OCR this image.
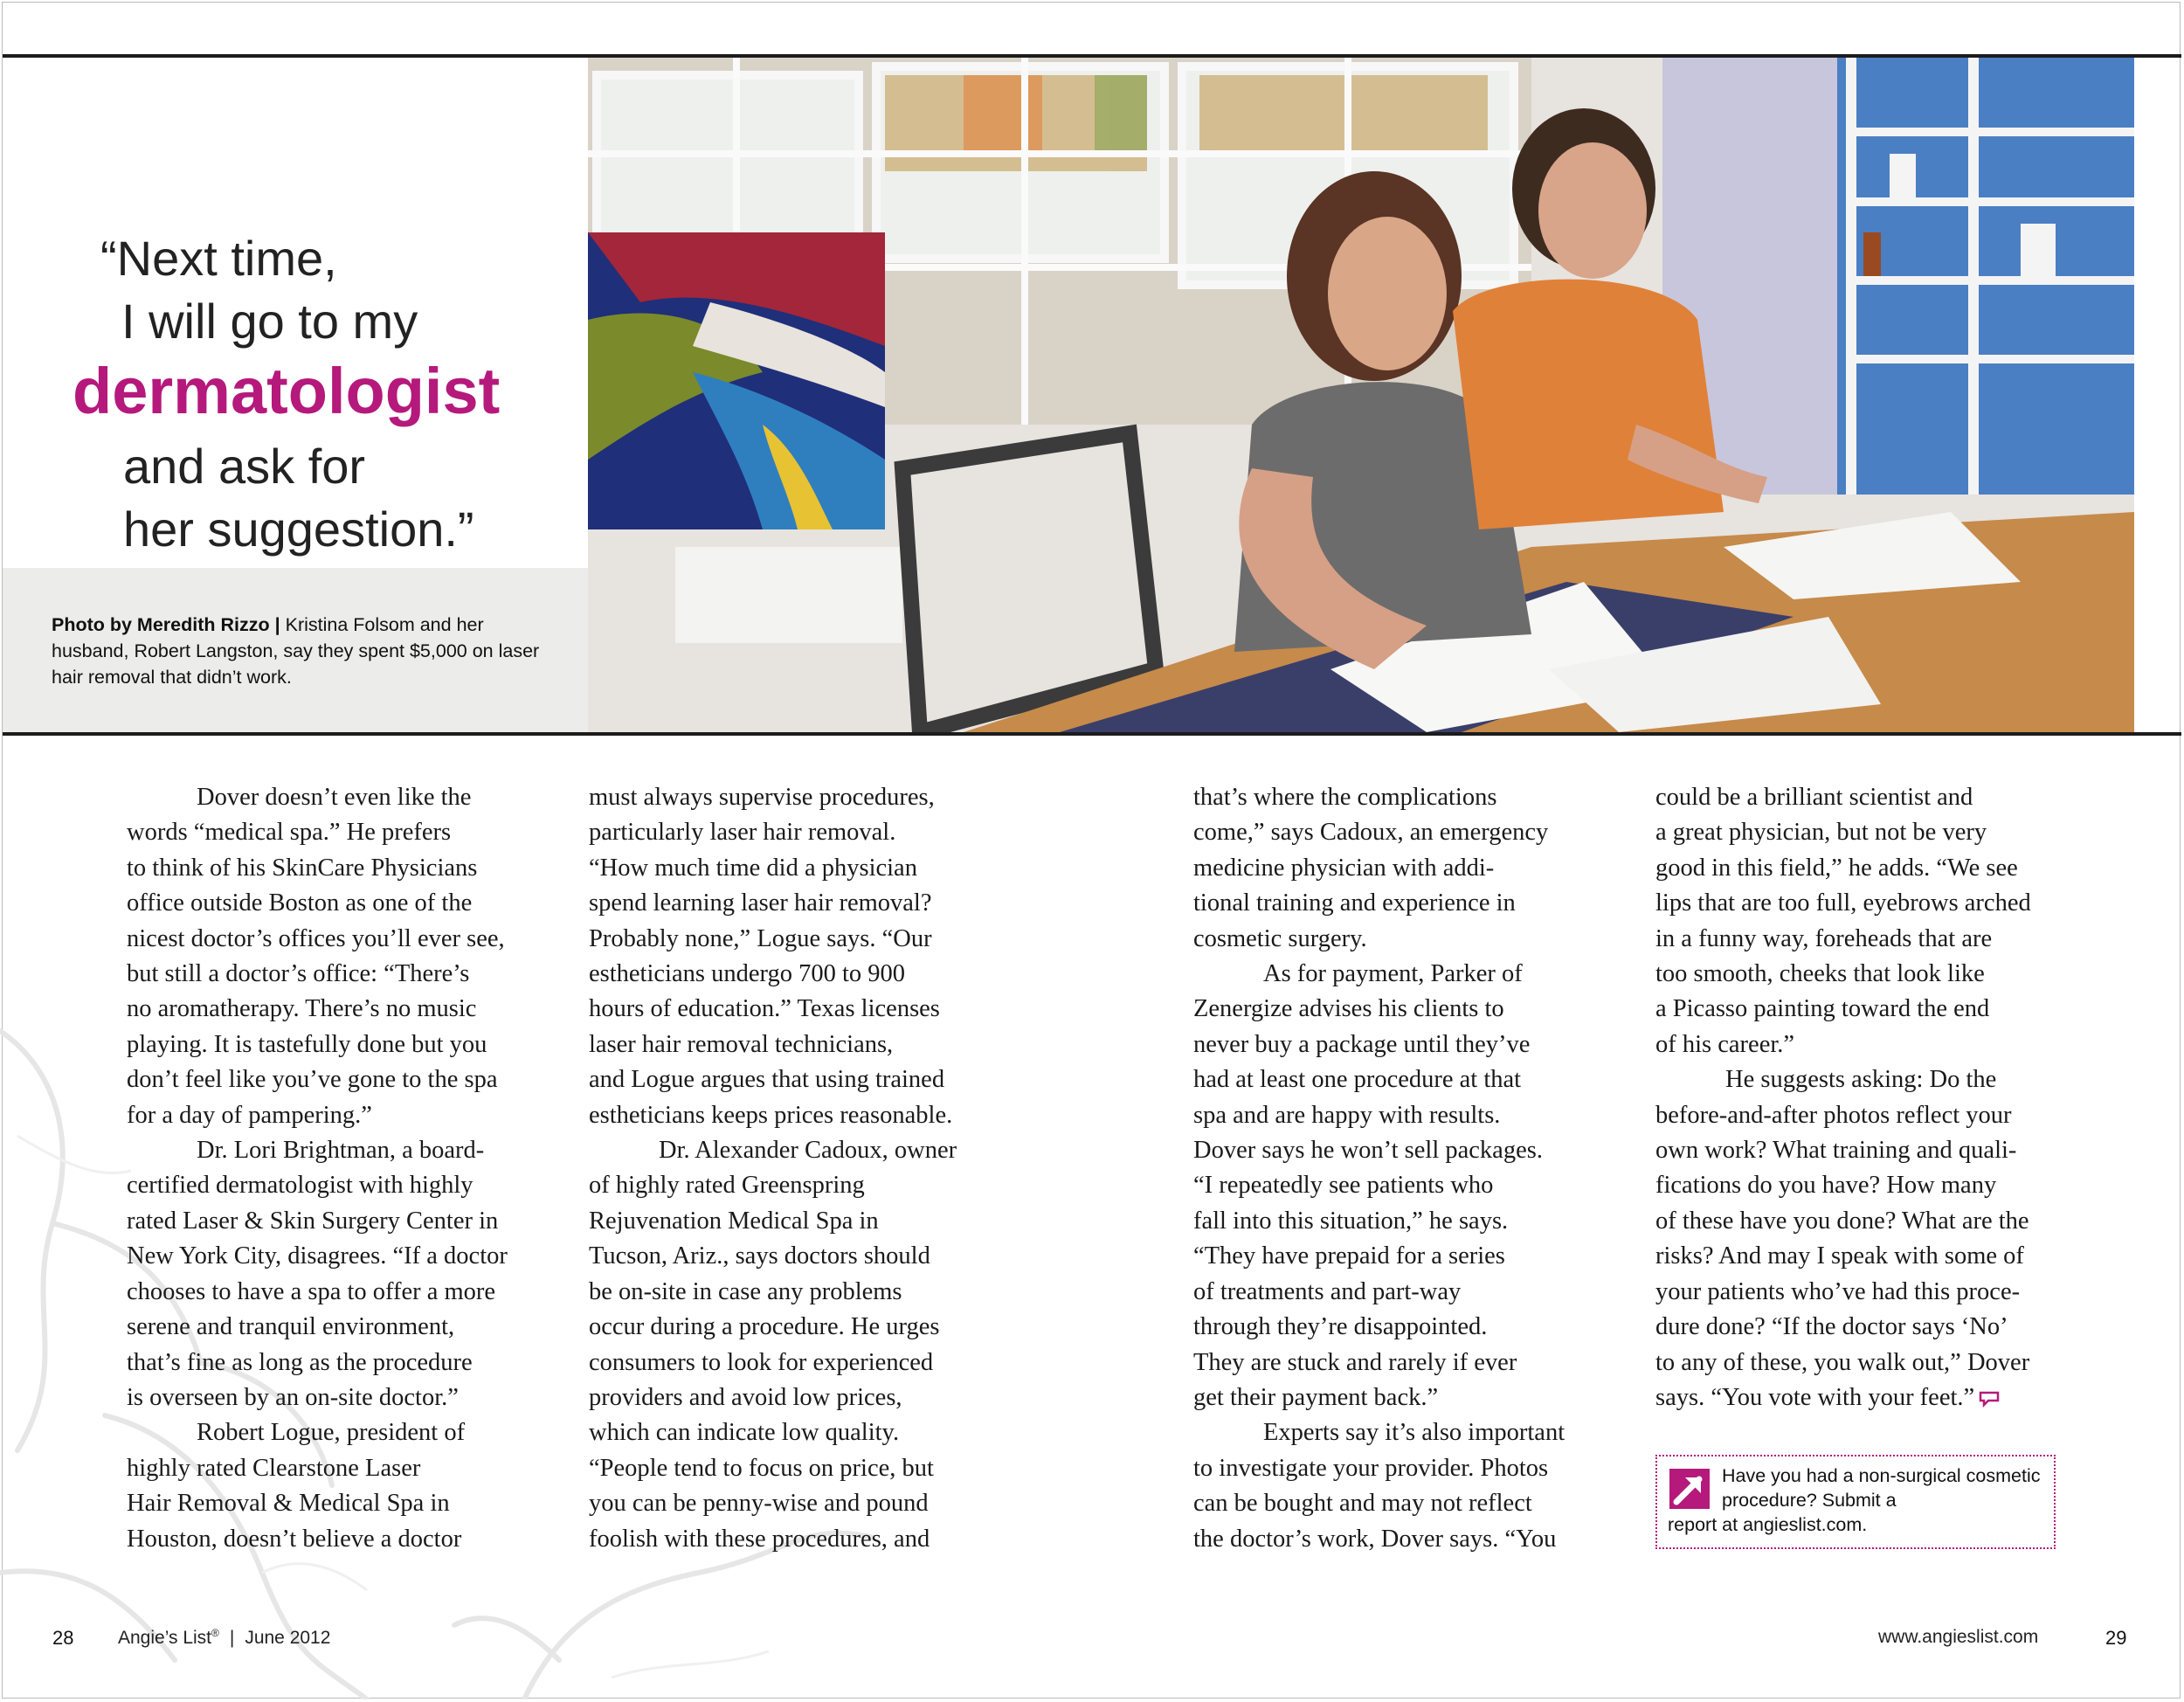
“Next time,
I will go to my
dermatologist
and ask for
her suggestion.”
Photo by Meredith Rizzo | Kristina Folsom and her husband, Robert Langston, say they spent $5,000 on laser hair removal that didn’t work.
Dover doesn’t even like the
words “medical spa.” He prefers
to think of his SkinCare Physicians
office outside Boston as one of the
nicest doctor’s offices you’ll ever see,
but still a doctor’s office: “There’s
no aromatherapy. There’s no music
playing. It is tastefully done but you
don’t feel like you’ve gone to the spa
for a day of pampering.”
Dr. Lori Brightman, a board-
certified dermatologist with highly
rated Laser & Skin Surgery Center in
New York City, disagrees. “If a doctor
chooses to have a spa to offer a more
serene and tranquil environment,
that’s fine as long as the procedure
is overseen by an on-site doctor.”
Robert Logue, president of
highly rated Clearstone Laser
Hair Removal & Medical Spa in
Houston, doesn’t believe a doctor
must always supervise procedures,
particularly laser hair removal.
“How much time did a physician
spend learning laser hair removal?
Probably none,” Logue says. “Our
estheticians undergo 700 to 900
hours of education.” Texas licenses
laser hair removal technicians,
and Logue argues that using trained
estheticians keeps prices reasonable.
Dr. Alexander Cadoux, owner
of highly rated Greenspring
Rejuvenation Medical Spa in
Tucson, Ariz., says doctors should
be on-site in case any problems
occur during a procedure. He urges
consumers to look for experienced
providers and avoid low prices,
which can indicate low quality.
“People tend to focus on price, but
you can be penny-wise and pound
foolish with these procedures, and
that’s where the complications
come,” says Cadoux, an emergency
medicine physician with addi-
tional training and experience in
cosmetic surgery.
As for payment, Parker of
Zenergize advises his clients to
never buy a package until they’ve
had at least one procedure at that
spa and are happy with results.
Dover says he won’t sell packages.
“I repeatedly see patients who
fall into this situation,” he says.
“They have prepaid for a series
of treatments and part-way
through they’re disappointed.
They are stuck and rarely if ever
get their payment back.”
Experts say it’s also important
to investigate your provider. Photos
can be bought and may not reflect
the doctor’s work, Dover says. “You
could be a brilliant scientist and
a great physician, but not be very
good in this field,” he adds. “We see
lips that are too full, eyebrows arched
in a funny way, foreheads that are
too smooth, cheeks that look like
a Picasso painting toward the end
of his career.”
He suggests asking: Do the
before-and-after photos reflect your
own work? What training and quali-
fications do you have? How many
of these have you done? What are the
risks? And may I speak with some of
your patients who’ve had this proce-
dure done? “If the doctor says ‘No’
to any of these, you walk out,” Dover
says. “You vote with your feet.”
Have you had a non-surgical cosmetic procedure? Submit a
report at angieslist.com.
28 Angie’s List® | June 2012	www.angieslist.com	29
